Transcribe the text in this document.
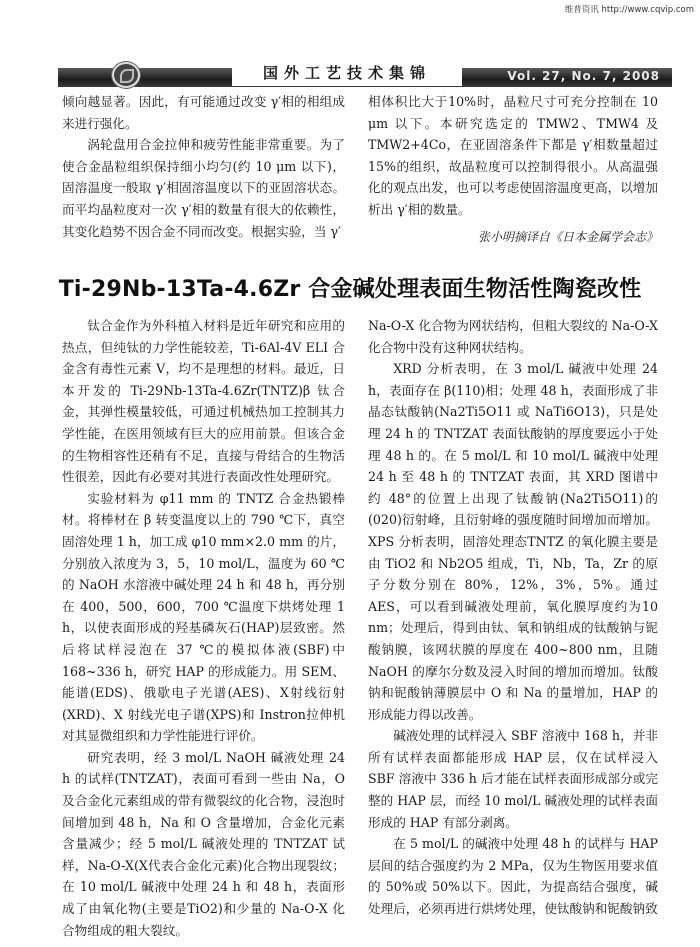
维普资讯 http://www.cqvip.com
国外工艺技术集锦	Vol. 27, No. 7, 2008

倾向越显著。因此，有可能通过改变 γ′相的相组成来进行强化。

涡轮盘用合金拉伸和疲劳性能非常重要。为了使合金晶粒组织保持细小均匀(约 10 μm 以下)，固溶温度一般取 γ′相固溶温度以下的亚固溶状态。而平均晶粒度对一次 γ′相的数量有很大的依赖性，其变化趋势不因合金不同而改变。根据实验，当 γ′

相体积比大于10%时，晶粒尺寸可充分控制在 10 μm 以下。本研究选定的 TMW2、TMW4 及 TMW2+4Co，在亚固溶条件下都是 γ′相数量超过 15%的组织，故晶粒度可以控制得很小。从高温强化的观点出发，也可以考虑使固溶温度更高，以增加析出 γ′相的数量。

张小明摘译自《日本金属学会志》

Ti-29Nb-13Ta-4.6Zr 合金碱处理表面生物活性陶瓷改性

钛合金作为外科植入材料是近年研究和应用的热点，但纯钛的力学性能较差，Ti-6Al-4V ELI 合金含有毒性元素 V，均不是理想的材料。最近，日本开发的 Ti-29Nb-13Ta-4.6Zr(TNTZ)β 钛合金，其弹性模量较低，可通过机械热加工控制其力学性能，在医用领域有巨大的应用前景。但该合金的生物相容性还稍有不足，直接与骨结合的生物活性很差，因此有必要对其进行表面改性处理研究。

实验材料为 φ11 mm 的 TNTZ 合金热锻棒材。将棒材在 β 转变温度以上的 790 ℃下，真空固溶处理 1 h，加工成 φ10 mm×2.0 mm 的片，分别放入浓度为 3，5，10 mol/L，温度为 60 ℃的 NaOH 水溶液中碱处理 24 h 和 48 h，再分别在 400，500，600，700 ℃温度下烘烤处理 1 h，以使表面形成的羟基磷灰石(HAP)层致密。然后将试样浸泡在 37 ℃的模拟体液(SBF)中168~336 h，研究 HAP 的形成能力。用 SEM、能谱(EDS)、俄歇电子光谱(AES)、X射线衍射(XRD)、X 射线光电子谱(XPS)和 Instron拉伸机对其显微组织和力学性能进行评价。

研究表明，经 3 mol/L NaOH 碱液处理 24 h 的试样(TNTZAT)，表面可看到一些由 Na，O 及合金化元素组成的带有微裂纹的化合物，浸泡时间增加到 48 h，Na 和 O 含量增加，合金化元素含量减少；经 5 mol/L 碱液处理的 TNTZAT 试样，Na-O-X(X代表合金化元素)化合物出现裂纹；在 10 mol/L 碱液中处理 24 h 和 48 h，表面形成了由氧化物(主要是TiO2)和少量的 Na-O-X 化合物组成的粗大裂纹。

Na-O-X 化合物为网状结构，但粗大裂纹的 Na-O-X 化合物中没有这种网状结构。

XRD 分析表明，在 3 mol/L 碱液中处理 24 h，表面存在 β(110)相；处理 48 h，表面形成了非晶态钛酸钠(Na2Ti5O11 或 NaTi6O13)，只是处理 24 h 的 TNTZAT 表面钛酸钠的厚度要远小于处理 48 h 的。在 5 mol/L 和 10 mol/L 碱液中处理 24 h 至 48 h 的 TNTZAT 表面，其 XRD 图谱中约 48°的位置上出现了钛酸钠(Na2Ti5O11)的(020)衍射峰，且衍射峰的强度随时间增加而增加。XPS 分析表明，固溶处理态TNTZ 的氧化膜主要是由 TiO2 和 Nb2O5 组成，Ti，Nb，Ta，Zr 的原子分数分别在 80%，12%，3%，5%。通过AES，可以看到碱液处理前，氧化膜厚度约为10 nm；处理后，得到由钛、氧和钠组成的钛酸钠与铌酸钠膜，该网状膜的厚度在 400~800 nm，且随 NaOH 的摩尔分数及浸入时间的增加而增加。钛酸钠和铌酸钠薄膜层中 O 和 Na 的量增加，HAP 的形成能力得以改善。

碱液处理的试样浸入 SBF 溶液中 168 h，并非所有试样表面都能形成 HAP 层，仅在试样浸入 SBF 溶液中 336 h 后才能在试样表面形成部分或完整的 HAP 层，而经 10 mol/L 碱液处理的试样表面形成的 HAP 有部分剥离。

在 5 mol/L 的碱液中处理 48 h 的试样与 HAP 层间的结合强度约为 2 MPa，仅为生物医用要求值的 50%或 50%以下。因此，为提高结合强度，碱处理后，必须再进行烘烤处理，使钛酸钠和铌酸钠致
